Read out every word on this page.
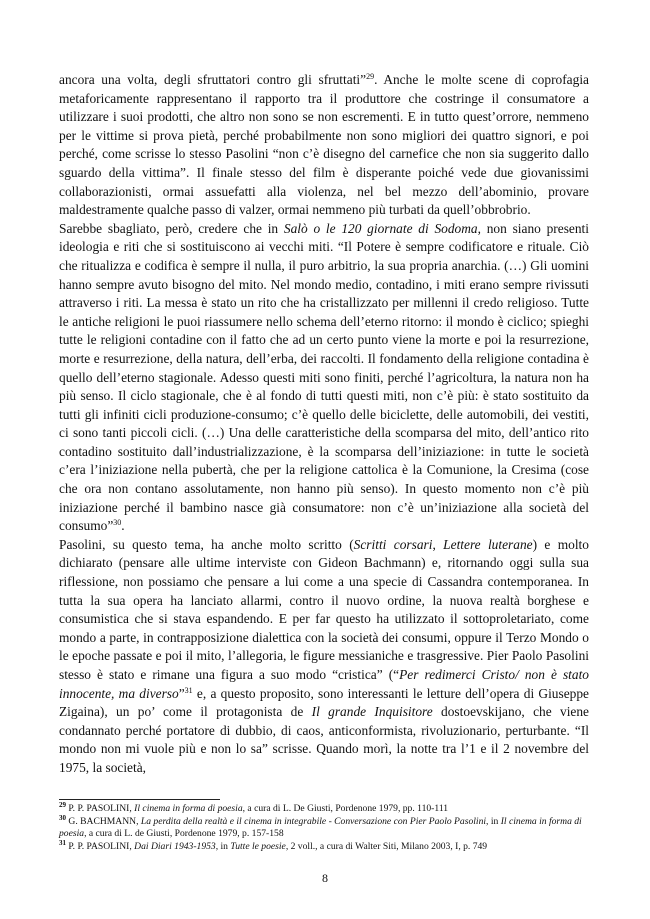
ancora una volta, degli sfruttatori contro gli sfruttati”$^{29}$. Anche le molte scene di coprofagia metaforicamente rappresentano il rapporto tra il produttore che costringe il consumatore a utilizzare i suoi prodotti, che altro non sono se non escrementi. E in tutto quest’orrore, nemmeno per le vittime si prova pietà, perché probabilmente non sono migliori dei quattro signori, e poi perché, come scrisse lo stesso Pasolini “non c’è disegno del carnefice che non sia suggerito dallo sguardo della vittima”. Il finale stesso del film è disperante poiché vede due giovanissimi collaborazionisti, ormai assuefatti alla violenza, nel bel mezzo dell’abominio, provare maldestramente qualche passo di valzer, ormai nemmeno più turbati da quell’obbrobrio.

Sarebbe sbagliato, però, credere che in Salò o le 120 giornate di Sodoma, non siano presenti ideologia e riti che si sostituiscono ai vecchi miti. “Il Potere è sempre codificatore e rituale. Ciò che ritualizza e codifica è sempre il nulla, il puro arbitrio, la sua propria anarchia. (…) Gli uomini hanno sempre avuto bisogno del mito. Nel mondo medio, contadino, i miti erano sempre rivissuti attraverso i riti. La messa è stato un rito che ha cristallizzato per millenni il credo religioso. Tutte le antiche religioni le puoi riassumere nello schema dell’eterno ritorno: il mondo è ciclico; spieghi tutte le religioni contadine con il fatto che ad un certo punto viene la morte e poi la resurrezione, morte e resurrezione, della natura, dell’erba, dei raccolti. Il fondamento della religione contadina è quello dell’eterno stagionale. Adesso questi miti sono finiti, perché l’agricoltura, la natura non ha più senso. Il ciclo stagionale, che è al fondo di tutti questi miti, non c’è più: è stato sostituito da tutti gli infiniti cicli produzione-consumo; c’è quello delle biciclette, delle automobili, dei vestiti, ci sono tanti piccoli cicli. (…) Una delle caratteristiche della scomparsa del mito, dell’antico rito contadino sostituito dall’industrializzazione, è la scomparsa dell’iniziazione: in tutte le società c’era l’iniziazione nella pubertà, che per la religione cattolica è la Comunione, la Cresima (cose che ora non contano assolutamente, non hanno più senso). In questo momento non c’è più iniziazione perché il bambino nasce già consumatore: non c’è un’iniziazione alla società del consumo”$^{30}$.

Pasolini, su questo tema, ha anche molto scritto (Scritti corsari, Lettere luterane) e molto dichiarato (pensare alle ultime interviste con Gideon Bachmann) e, ritornando oggi sulla sua riflessione, non possiamo che pensare a lui come a una specie di Cassandra contemporanea. In tutta la sua opera ha lanciato allarmi, contro il nuovo ordine, la nuova realtà borghese e consumistica che si stava espandendo. E per far questo ha utilizzato il sottoproletariato, come mondo a parte, in contrapposizione dialettica con la società dei consumi, oppure il Terzo Mondo o le epoche passate e poi il mito, l’allegoria, le figure messianiche e trasgressive. Pier Paolo Pasolini stesso è stato e rimane una figura a suo modo “cristica” (“Per redimerci Cristo/ non è stato innocente, ma diverso”$^{31}$ e, a questo proposito, sono interessanti le letture dell’opera di Giuseppe Zigaina), un po’ come il protagonista de Il grande Inquisitore dostoevskijano, che viene condannato perché portatore di dubbio, di caos, anticonformista, rivoluzionario, perturbante. “Il mondo non mi vuole più e non lo sa” scrisse. Quando morì, la notte tra l’1 e il 2 novembre del 1975, la società,

$^{29}$ P. P. PASOLINI, Il cinema in forma di poesia, a cura di L. De Giusti, Pordenone 1979, pp. 110-111

$^{30}$ G. BACHMANN, La perdita della realtà e il cinema in integrabile - Conversazione con Pier Paolo Pasolini, in Il cinema in forma di poesia, a cura di L. de Giusti, Pordenone 1979, p. 157-158

$^{31}$ P. P. PASOLINI, Dai Diari 1943-1953, in Tutte le poesie, 2 voll., a cura di Walter Siti, Milano 2003, I, p. 749

8
